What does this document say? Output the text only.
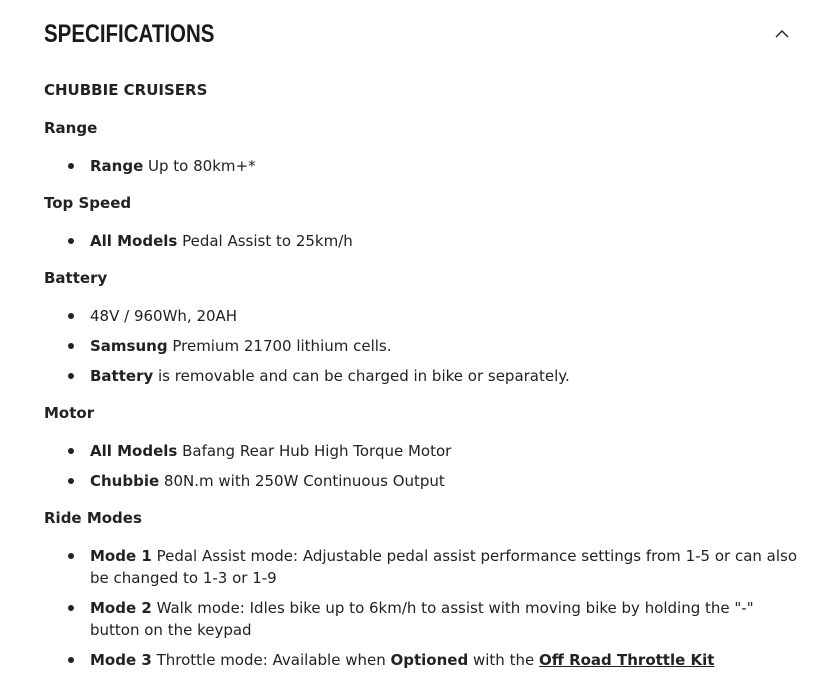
SPECIFICATIONS

CHUBBIE CRUISERS

Range

Range Up to 80km+*

Top Speed

All Models Pedal Assist to 25km/h

Battery

48V / 960Wh, 20AH
Samsung Premium 21700 lithium cells.
Battery is removable and can be charged in bike or separately.

Motor

All Models Bafang Rear Hub High Torque Motor
Chubbie 80N.m with 250W Continuous Output

Ride Modes

Mode 1 Pedal Assist mode: Adjustable pedal assist performance settings from 1-5 or can also be changed to 1-3 or 1-9
Mode 2 Walk mode: Idles bike up to 6km/h to assist with moving bike by holding the "-" button on the keypad
Mode 3 Throttle mode: Available when Optioned with the Off Road Throttle Kit
